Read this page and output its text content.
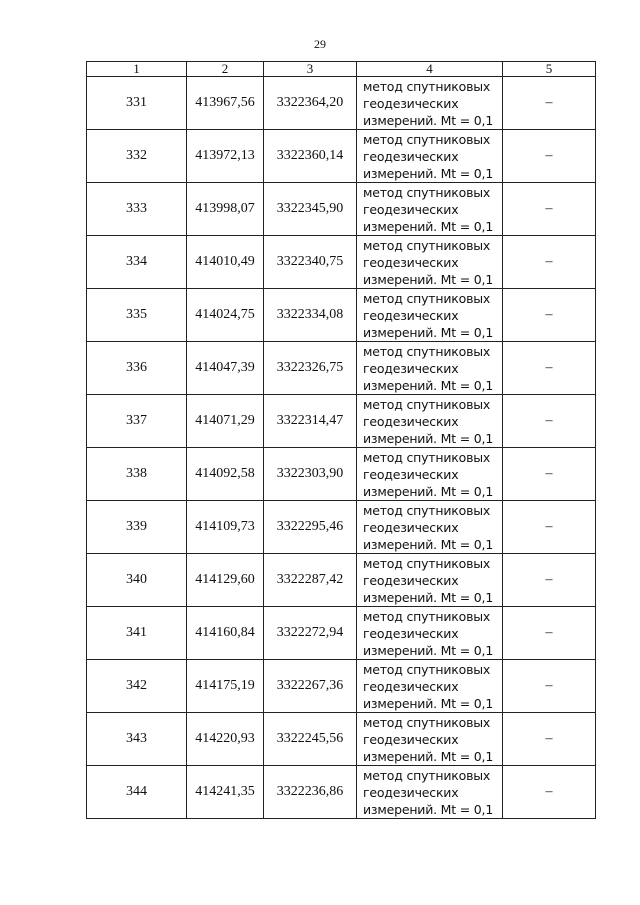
29
1	2	3	4	5
331	413967,56	3322364,20	метод спутниковых
геодезических
измерений. Mt = 0,1	–
332	413972,13	3322360,14	метод спутниковых
геодезических
измерений. Mt = 0,1	–
333	413998,07	3322345,90	метод спутниковых
геодезических
измерений. Mt = 0,1	–
334	414010,49	3322340,75	метод спутниковых
геодезических
измерений. Mt = 0,1	–
335	414024,75	3322334,08	метод спутниковых
геодезических
измерений. Mt = 0,1	–
336	414047,39	3322326,75	метод спутниковых
геодезических
измерений. Mt = 0,1	–
337	414071,29	3322314,47	метод спутниковых
геодезических
измерений. Mt = 0,1	–
338	414092,58	3322303,90	метод спутниковых
геодезических
измерений. Mt = 0,1	–
339	414109,73	3322295,46	метод спутниковых
геодезических
измерений. Mt = 0,1	–
340	414129,60	3322287,42	метод спутниковых
геодезических
измерений. Mt = 0,1	–
341	414160,84	3322272,94	метод спутниковых
геодезических
измерений. Mt = 0,1	–
342	414175,19	3322267,36	метод спутниковых
геодезических
измерений. Mt = 0,1	–
343	414220,93	3322245,56	метод спутниковых
геодезических
измерений. Mt = 0,1	–
344	414241,35	3322236,86	метод спутниковых
геодезических
измерений. Mt = 0,1	–
